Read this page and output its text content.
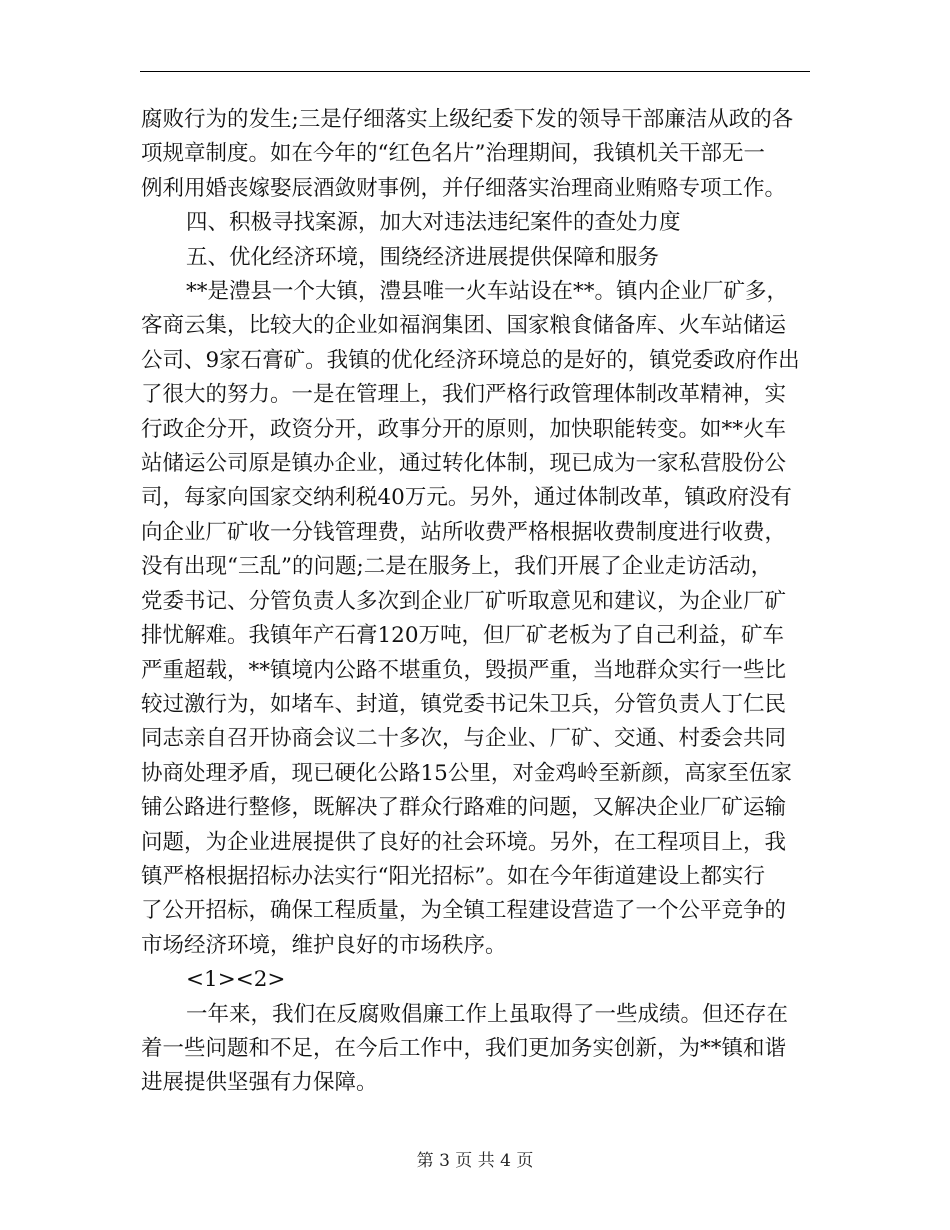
腐败行为的发生;三是仔细落实上级纪委下发的领导干部廉洁从政的各
项规章制度。如在今年的“红色名片”治理期间，我镇机关干部无一
例利用婚丧嫁娶辰酒敛财事例，并仔细落实治理商业贿赂专项工作。
四、积极寻找案源，加大对违法违纪案件的查处力度
五、优化经济环境，围绕经济进展提供保障和服务
**是澧县一个大镇，澧县唯一火车站设在**。镇内企业厂矿多，
客商云集，比较大的企业如福润集团、国家粮食储备库、火车站储运
公司、9家石膏矿。我镇的优化经济环境总的是好的，镇党委政府作出
了很大的努力。一是在管理上，我们严格行政管理体制改革精神，实
行政企分开，政资分开，政事分开的原则，加快职能转变。如**火车
站储运公司原是镇办企业，通过转化体制，现已成为一家私营股份公
司，每家向国家交纳利税40万元。另外，通过体制改革，镇政府没有
向企业厂矿收一分钱管理费，站所收费严格根据收费制度进行收费，
没有出现“三乱”的问题;二是在服务上，我们开展了企业走访活动，
党委书记、分管负责人多次到企业厂矿听取意见和建议，为企业厂矿
排忧解难。我镇年产石膏120万吨，但厂矿老板为了自己利益，矿车
严重超载，**镇境内公路不堪重负，毁损严重，当地群众实行一些比
较过激行为，如堵车、封道，镇党委书记朱卫兵，分管负责人丁仁民
同志亲自召开协商会议二十多次，与企业、厂矿、交通、村委会共同
协商处理矛盾，现已硬化公路15公里，对金鸡岭至新颜，高家至伍家
铺公路进行整修，既解决了群众行路难的问题，又解决企业厂矿运输
问题，为企业进展提供了良好的社会环境。另外，在工程项目上，我
镇严格根据招标办法实行“阳光招标”。如在今年街道建设上都实行
了公开招标，确保工程质量，为全镇工程建设营造了一个公平竞争的
市场经济环境，维护良好的市场秩序。
<1><2>
一年来，我们在反腐败倡廉工作上虽取得了一些成绩。但还存在
着一些问题和不足，在今后工作中，我们更加务实创新，为**镇和谐
进展提供坚强有力保障。
第 3 页 共 4 页
